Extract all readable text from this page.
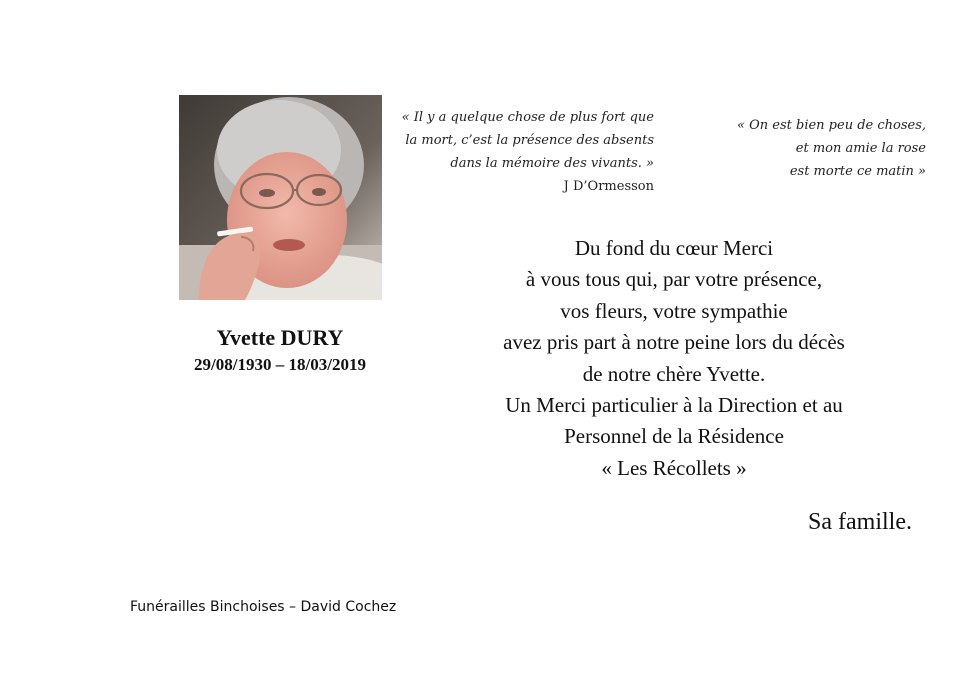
Yvette DURY
29/08/1930 – 18/03/2019
« Il y a quelque chose de plus fort que
la mort, c’est la présence des absents
dans la mémoire des vivants. »
J D’Ormesson
« On est bien peu de choses,
et mon amie la rose
est morte ce matin »
Du fond du cœur Merci
à vous tous qui, par votre présence,
vos fleurs, votre sympathie
avez pris part à notre peine lors du décès
de notre chère Yvette.
Un Merci particulier à la Direction et au
Personnel de la Résidence
« Les Récollets »
Sa famille.
Funérailles Binchoises – David Cochez
